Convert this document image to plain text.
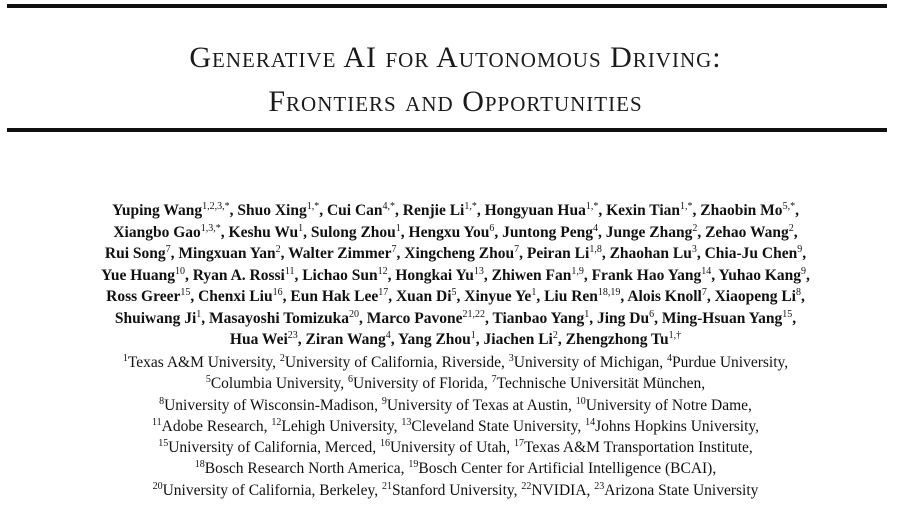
Generative AI for Autonomous Driving:
Frontiers and Opportunities
Yuping Wang$^{1,2,3,*}$, Shuo Xing$^{1,*}$, Cui Can$^{4,*}$, Renjie $Li^{1,*}$, Hongyuan Hua$^{1,*}$, Kexin Tian$^{1,*}$, Zhaobin $Mo^{5,*}$,
Xiangbo Gao$^{1,3,*}$, Keshu Wu$^1$, Sulong Zhou$^1$, Hengxu You$^6$, Juntong Peng$^4$, Junge Zhang$^2$, Zehao Wang$^2$,
Rui Song$^7$, Mingxuan Yan$^2$, Walter Zimmer$^7$, Xingcheng Zhou$^7$, Peiran Li$^{1,8}$, Zhaohan Lu$^3$, Chia-Ju Chen$^9$,
Yue Huang$^{10}$, Ryan A. Rossi$^{11}$, Lichao Sun$^{12}$, Hongkai Yu$^{13}$, Zhiwen Fan$^{1,9}$, Frank Hao Yang$^{14}$, Yuhao Kang$^9$,
Ross Greer$^{15}$, Chenxi Liu$^{16}$, Eun Hak Lee$^{17}$, Xuan Di$^5$, Xinyue Ye$^1$, Liu Ren$^{18,19}$, Alois Knoll$^7$, Xiaopeng Li$^8$,
Shuiwang Ji$^1$, Masayoshi Tomizuka$^{20}$, Marco Pavone$^{21,22}$, Tianbao Yang$^1$, Jing Du$^6$, Ming-Hsuan Yang$^{15}$,
Hua Wei$^{23}$, Ziran Wang$^4$, Yang Zhou$^1$, Jiachen Li$^2$, Zhengzhong $Tu^{1,\dagger}$
$^1$Texas A&M University, $^2$University of California, Riverside, $^3$University of Michigan, $^4$Purdue University,
$^5$Columbia University, $^6$University of Florida, $^7$Technische Universität München,
$^8$University of Wisconsin-Madison, $^9$University of Texas at Austin, $^{10}$University of Notre Dame,
$^{11}$Adobe Research, $^{12}$Lehigh University, $^{13}$Cleveland State University, $^{14}$Johns Hopkins University,
$^{15}$University of California, Merced, $^{16}$University of Utah, $^{17}$Texas A&M Transportation Institute,
$^{18}$Bosch Research North America, $^{19}$Bosch Center for Artificial Intelligence (BCAI),
$^{20}$University of California, Berkeley, $^{21}$Stanford University, $^{22}$NVIDIA, $^{23}$Arizona State University
